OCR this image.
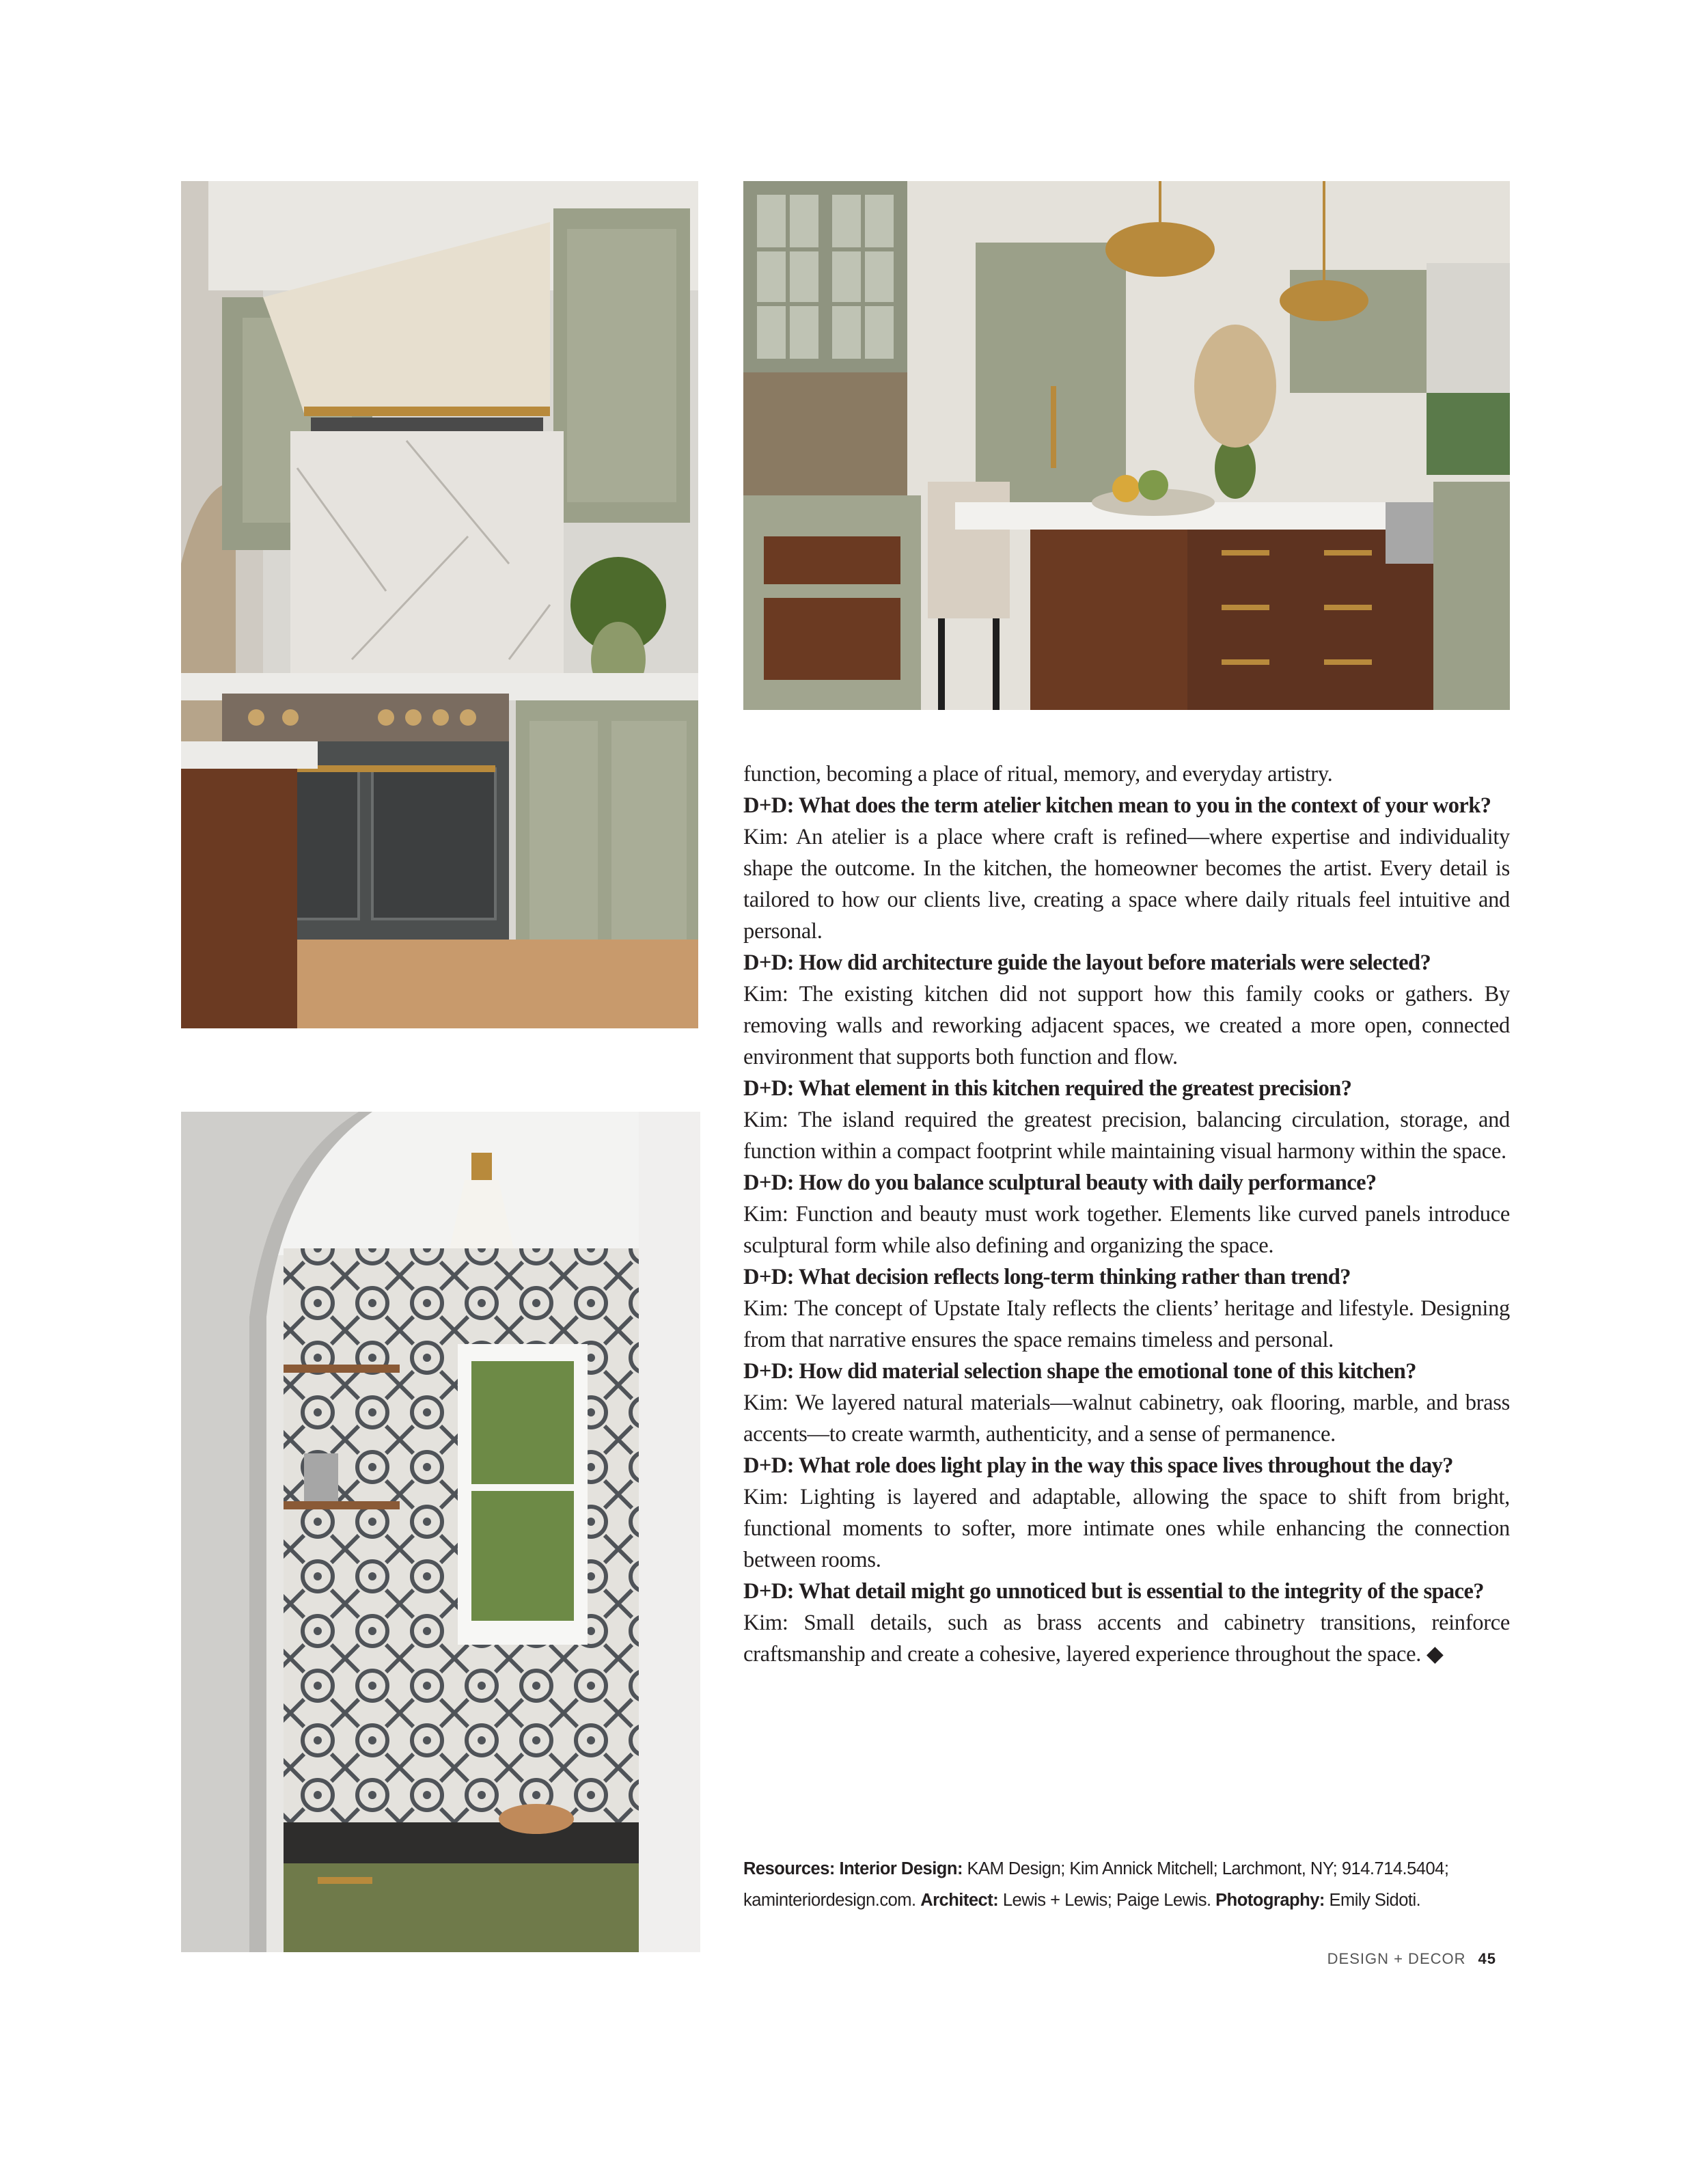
function, becoming a place of ritual, memory, and everyday artistry.

D+D: What does the term atelier kitchen mean to you in the context of your work?

Kim: An atelier is a place where craft is refined—where expertise and individuality shape the outcome. In the kitchen, the homeowner becomes the artist. Every detail is tailored to how our clients live, creating a space where daily rituals feel intuitive and personal.

D+D: How did architecture guide the layout before materials were selected?

Kim: The existing kitchen did not support how this family cooks or gathers. By removing walls and reworking adjacent spaces, we created a more open, connected environment that supports both function and flow.

D+D: What element in this kitchen required the greatest precision?

Kim: The island required the greatest precision, balancing circulation, storage, and function within a compact footprint while maintaining visual harmony within the space.

D+D: How do you balance sculptural beauty with daily performance?

Kim: Function and beauty must work together. Elements like curved panels introduce sculptural form while also defining and organizing the space.

D+D: What decision reflects long-term thinking rather than trend?

Kim: The concept of Upstate Italy reflects the clients’ heritage and lifestyle. Designing from that narrative ensures the space remains timeless and personal.

D+D: How did material selection shape the emotional tone of this kitchen?

Kim: We layered natural materials—walnut cabinetry, oak flooring, marble, and brass accents—to create warmth, authenticity, and a sense of permanence.

D+D: What role does light play in the way this space lives throughout the day?

Kim: Lighting is layered and adaptable, allowing the space to shift from bright, functional moments to softer, more intimate ones while enhancing the connection between rooms.

D+D: What detail might go unnoticed but is essential to the integrity of the space?

Kim: Small details, such as brass accents and cabinetry transitions, reinforce craftsmanship and create a cohesive, layered experience throughout the space. ◆

Resources: Interior Design: KAM Design; Kim Annick Mitchell; Larchmont, NY; 914.714.5404; kaminteriordesign.com. Architect: Lewis + Lewis; Paige Lewis. Photography: Emily Sidoti.
DESIGN + DECOR 45
